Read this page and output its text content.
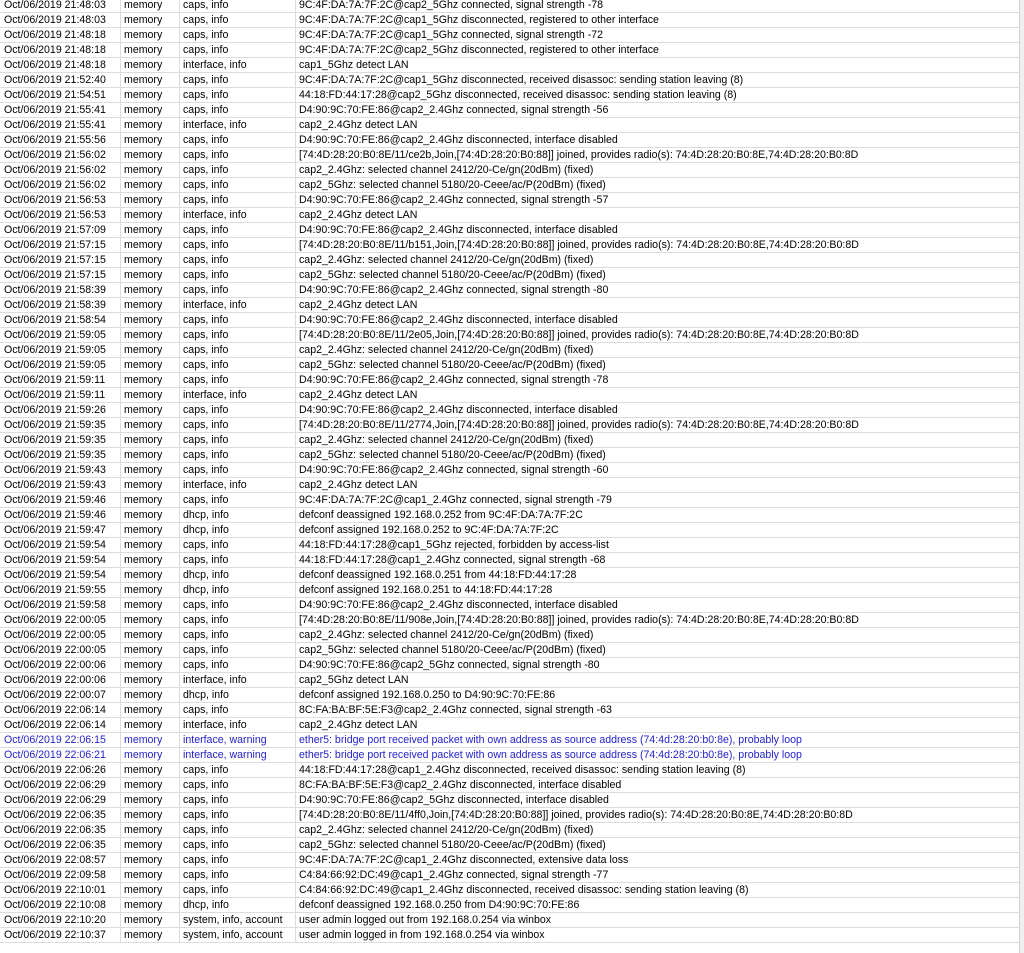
Oct/06/2019 21:48:03	memory	caps, info	9C:4F:DA:7A:7F:2C@cap2_5Ghz connected, signal strength -78
Oct/06/2019 21:48:03	memory	caps, info	9C:4F:DA:7A:7F:2C@cap1_5Ghz disconnected, registered to other interface
Oct/06/2019 21:48:18	memory	caps, info	9C:4F:DA:7A:7F:2C@cap1_5Ghz connected, signal strength -72
Oct/06/2019 21:48:18	memory	caps, info	9C:4F:DA:7A:7F:2C@cap2_5Ghz disconnected, registered to other interface
Oct/06/2019 21:48:18	memory	interface, info	cap1_5Ghz detect LAN
Oct/06/2019 21:52:40	memory	caps, info	9C:4F:DA:7A:7F:2C@cap1_5Ghz disconnected, received disassoc: sending station leaving (8)
Oct/06/2019 21:54:51	memory	caps, info	44:18:FD:44:17:28@cap2_5Ghz disconnected, received disassoc: sending station leaving (8)
Oct/06/2019 21:55:41	memory	caps, info	D4:90:9C:70:FE:86@cap2_2.4Ghz connected, signal strength -56
Oct/06/2019 21:55:41	memory	interface, info	cap2_2.4Ghz detect LAN
Oct/06/2019 21:55:56	memory	caps, info	D4:90:9C:70:FE:86@cap2_2.4Ghz disconnected, interface disabled
Oct/06/2019 21:56:02	memory	caps, info	[74:4D:28:20:B0:8E/11/ce2b,Join,[74:4D:28:20:B0:88]] joined, provides radio(s): 74:4D:28:20:B0:8E,74:4D:28:20:B0:8D
Oct/06/2019 21:56:02	memory	caps, info	cap2_2.4Ghz: selected channel 2412/20-Ce/gn(20dBm) (fixed)
Oct/06/2019 21:56:02	memory	caps, info	cap2_5Ghz: selected channel 5180/20-Ceee/ac/P(20dBm) (fixed)
Oct/06/2019 21:56:53	memory	caps, info	D4:90:9C:70:FE:86@cap2_2.4Ghz connected, signal strength -57
Oct/06/2019 21:56:53	memory	interface, info	cap2_2.4Ghz detect LAN
Oct/06/2019 21:57:09	memory	caps, info	D4:90:9C:70:FE:86@cap2_2.4Ghz disconnected, interface disabled
Oct/06/2019 21:57:15	memory	caps, info	[74:4D:28:20:B0:8E/11/b151,Join,[74:4D:28:20:B0:88]] joined, provides radio(s): 74:4D:28:20:B0:8E,74:4D:28:20:B0:8D
Oct/06/2019 21:57:15	memory	caps, info	cap2_2.4Ghz: selected channel 2412/20-Ce/gn(20dBm) (fixed)
Oct/06/2019 21:57:15	memory	caps, info	cap2_5Ghz: selected channel 5180/20-Ceee/ac/P(20dBm) (fixed)
Oct/06/2019 21:58:39	memory	caps, info	D4:90:9C:70:FE:86@cap2_2.4Ghz connected, signal strength -80
Oct/06/2019 21:58:39	memory	interface, info	cap2_2.4Ghz detect LAN
Oct/06/2019 21:58:54	memory	caps, info	D4:90:9C:70:FE:86@cap2_2.4Ghz disconnected, interface disabled
Oct/06/2019 21:59:05	memory	caps, info	[74:4D:28:20:B0:8E/11/2e05,Join,[74:4D:28:20:B0:88]] joined, provides radio(s): 74:4D:28:20:B0:8E,74:4D:28:20:B0:8D
Oct/06/2019 21:59:05	memory	caps, info	cap2_2.4Ghz: selected channel 2412/20-Ce/gn(20dBm) (fixed)
Oct/06/2019 21:59:05	memory	caps, info	cap2_5Ghz: selected channel 5180/20-Ceee/ac/P(20dBm) (fixed)
Oct/06/2019 21:59:11	memory	caps, info	D4:90:9C:70:FE:86@cap2_2.4Ghz connected, signal strength -78
Oct/06/2019 21:59:11	memory	interface, info	cap2_2.4Ghz detect LAN
Oct/06/2019 21:59:26	memory	caps, info	D4:90:9C:70:FE:86@cap2_2.4Ghz disconnected, interface disabled
Oct/06/2019 21:59:35	memory	caps, info	[74:4D:28:20:B0:8E/11/2774,Join,[74:4D:28:20:B0:88]] joined, provides radio(s): 74:4D:28:20:B0:8E,74:4D:28:20:B0:8D
Oct/06/2019 21:59:35	memory	caps, info	cap2_2.4Ghz: selected channel 2412/20-Ce/gn(20dBm) (fixed)
Oct/06/2019 21:59:35	memory	caps, info	cap2_5Ghz: selected channel 5180/20-Ceee/ac/P(20dBm) (fixed)
Oct/06/2019 21:59:43	memory	caps, info	D4:90:9C:70:FE:86@cap2_2.4Ghz connected, signal strength -60
Oct/06/2019 21:59:43	memory	interface, info	cap2_2.4Ghz detect LAN
Oct/06/2019 21:59:46	memory	caps, info	9C:4F:DA:7A:7F:2C@cap1_2.4Ghz connected, signal strength -79
Oct/06/2019 21:59:46	memory	dhcp, info	defconf deassigned 192.168.0.252 from 9C:4F:DA:7A:7F:2C
Oct/06/2019 21:59:47	memory	dhcp, info	defconf assigned 192.168.0.252 to 9C:4F:DA:7A:7F:2C
Oct/06/2019 21:59:54	memory	caps, info	44:18:FD:44:17:28@cap1_5Ghz rejected, forbidden by access-list
Oct/06/2019 21:59:54	memory	caps, info	44:18:FD:44:17:28@cap1_2.4Ghz connected, signal strength -68
Oct/06/2019 21:59:54	memory	dhcp, info	defconf deassigned 192.168.0.251 from 44:18:FD:44:17:28
Oct/06/2019 21:59:55	memory	dhcp, info	defconf assigned 192.168.0.251 to 44:18:FD:44:17:28
Oct/06/2019 21:59:58	memory	caps, info	D4:90:9C:70:FE:86@cap2_2.4Ghz disconnected, interface disabled
Oct/06/2019 22:00:05	memory	caps, info	[74:4D:28:20:B0:8E/11/908e,Join,[74:4D:28:20:B0:88]] joined, provides radio(s): 74:4D:28:20:B0:8E,74:4D:28:20:B0:8D
Oct/06/2019 22:00:05	memory	caps, info	cap2_2.4Ghz: selected channel 2412/20-Ce/gn(20dBm) (fixed)
Oct/06/2019 22:00:05	memory	caps, info	cap2_5Ghz: selected channel 5180/20-Ceee/ac/P(20dBm) (fixed)
Oct/06/2019 22:00:06	memory	caps, info	D4:90:9C:70:FE:86@cap2_5Ghz connected, signal strength -80
Oct/06/2019 22:00:06	memory	interface, info	cap2_5Ghz detect LAN
Oct/06/2019 22:00:07	memory	dhcp, info	defconf assigned 192.168.0.250 to D4:90:9C:70:FE:86
Oct/06/2019 22:06:14	memory	caps, info	8C:FA:BA:BF:5E:F3@cap2_2.4Ghz connected, signal strength -63
Oct/06/2019 22:06:14	memory	interface, info	cap2_2.4Ghz detect LAN
Oct/06/2019 22:06:15	memory	interface, warning	ether5: bridge port received packet with own address as source address (74:4d:28:20:b0:8e), probably loop
Oct/06/2019 22:06:21	memory	interface, warning	ether5: bridge port received packet with own address as source address (74:4d:28:20:b0:8e), probably loop
Oct/06/2019 22:06:26	memory	caps, info	44:18:FD:44:17:28@cap1_2.4Ghz disconnected, received disassoc: sending station leaving (8)
Oct/06/2019 22:06:29	memory	caps, info	8C:FA:BA:BF:5E:F3@cap2_2.4Ghz disconnected, interface disabled
Oct/06/2019 22:06:29	memory	caps, info	D4:90:9C:70:FE:86@cap2_5Ghz disconnected, interface disabled
Oct/06/2019 22:06:35	memory	caps, info	[74:4D:28:20:B0:8E/11/4ff0,Join,[74:4D:28:20:B0:88]] joined, provides radio(s): 74:4D:28:20:B0:8E,74:4D:28:20:B0:8D
Oct/06/2019 22:06:35	memory	caps, info	cap2_2.4Ghz: selected channel 2412/20-Ce/gn(20dBm) (fixed)
Oct/06/2019 22:06:35	memory	caps, info	cap2_5Ghz: selected channel 5180/20-Ceee/ac/P(20dBm) (fixed)
Oct/06/2019 22:08:57	memory	caps, info	9C:4F:DA:7A:7F:2C@cap1_2.4Ghz disconnected, extensive data loss
Oct/06/2019 22:09:58	memory	caps, info	C4:84:66:92:DC:49@cap1_2.4Ghz connected, signal strength -77
Oct/06/2019 22:10:01	memory	caps, info	C4:84:66:92:DC:49@cap1_2.4Ghz disconnected, received disassoc: sending station leaving (8)
Oct/06/2019 22:10:08	memory	dhcp, info	defconf deassigned 192.168.0.250 from D4:90:9C:70:FE:86
Oct/06/2019 22:10:20	memory	system, info, account	user admin logged out from 192.168.0.254 via winbox
Oct/06/2019 22:10:37	memory	system, info, account	user admin logged in from 192.168.0.254 via winbox
